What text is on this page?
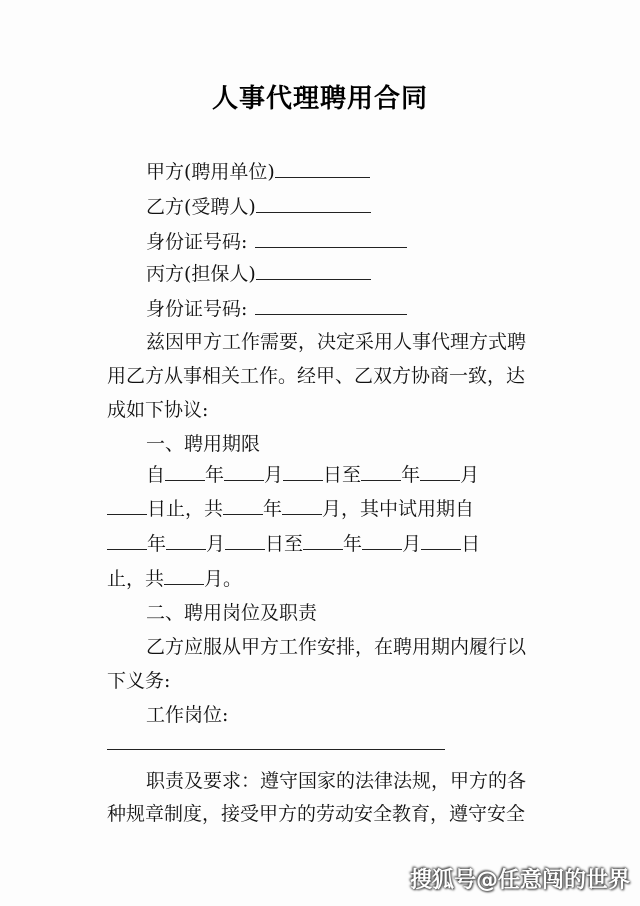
人事代理聘用合同
甲方(聘用单位)
乙方(受聘人)
身份证号码:
丙方(担保人)
身份证号码:
兹因甲方工作需要，决定采用人事代理方式聘
用乙方从事相关工作。经甲、乙双方协商一致，达
成如下协议:
一、聘用期限
自 年 月 日至 年 月
日止，共 年 月，其中试用期自
年 月 日至 年 月 日
止，共 月。
二、聘用岗位及职责
乙方应服从甲方工作安排，在聘用期内履行以
下义务:
工作岗位:
职责及要求：遵守国家的法律法规，甲方的各
种规章制度，接受甲方的劳动安全教育，遵守安全
搜狐号@任意闯的世界
